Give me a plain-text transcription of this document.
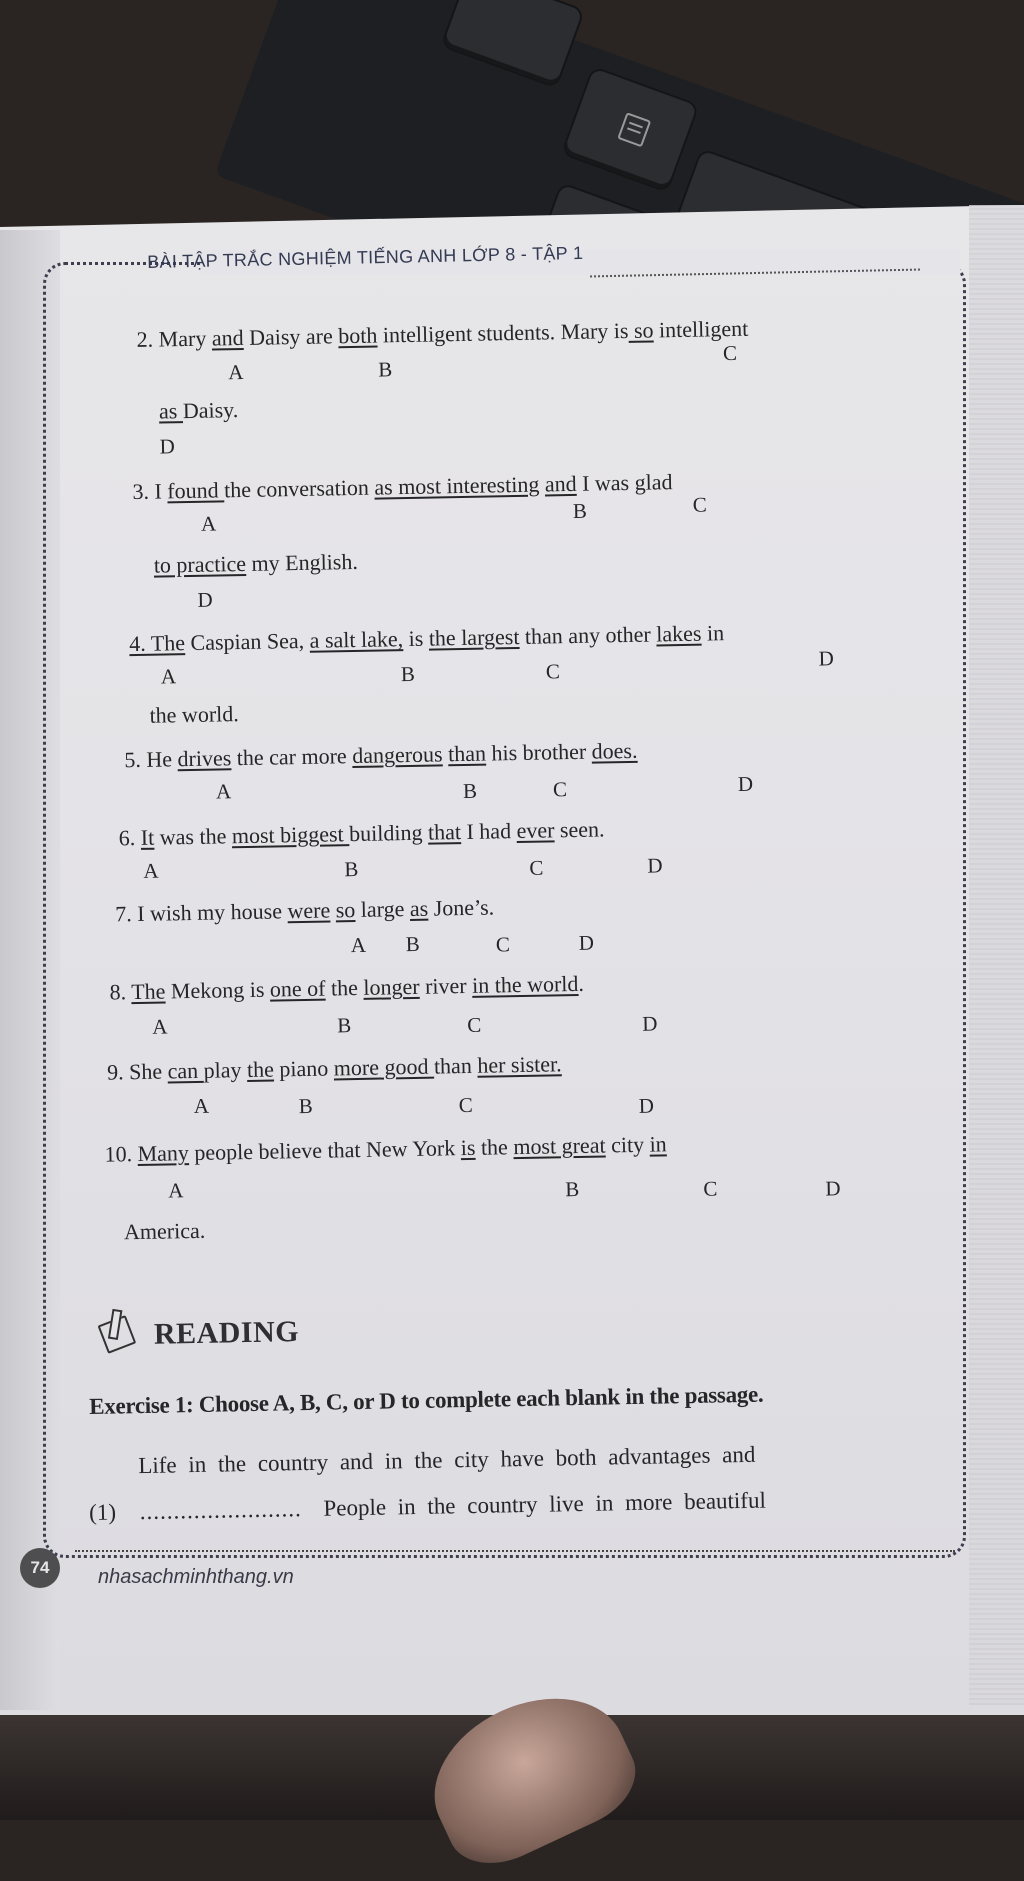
BÀI TẬP TRẮC NGHIỆM TIẾNG ANH LỚP 8 - TẬP 1
2. Mary and Daisy are both intelligent students. Mary is so intelligent
A	B
C
as Daisy.
D
3. I found the conversation as most interesting and I was glad
A
B	C
to practice my English.
D
4. The Caspian Sea, a salt lake, is the largest than any other lakes in
A	B	C
D
the world.
5. He drives the car more dangerous than his brother does.
A	B	C	D
6. It was the most biggest building that I had ever seen.
A	B	C	D
7. I wish my house were so large as Jone’s.
A B	C	D
8. The Mekong is one of the longer river in the world.
A	B	C	D
9. She can play the piano more good than her sister.
A	B	C	D
10. Many people believe that New York is the most great city in
A	B	C	D
America.
READING
Exercise 1: Choose A, B, C, or D to complete each blank in the passage.
Life in the country and in the city have both advantages and
(1) ........................ People in the country live in more beautiful
74	nhasachminhthang.vn
